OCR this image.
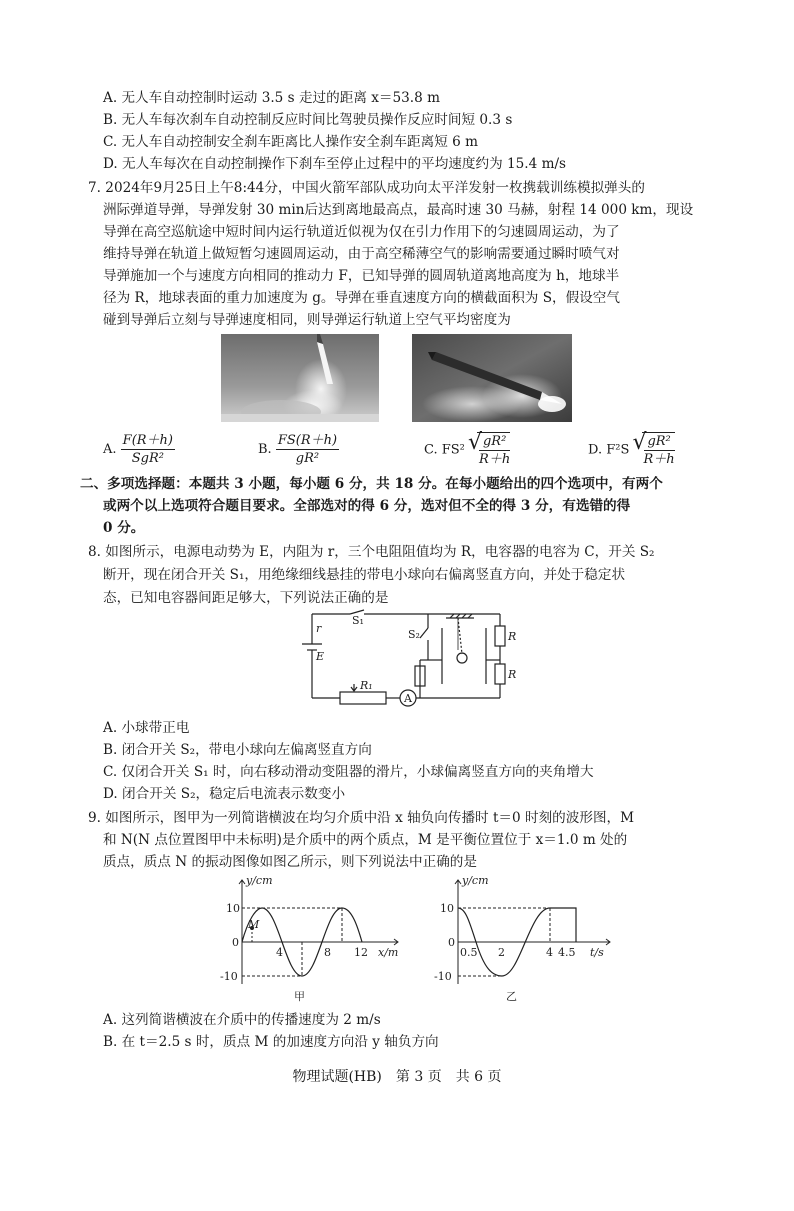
A. 无人车自动控制时运动 3.5 s 走过的距离 x＝53.8 m
B. 无人车每次刹车自动控制反应时间比驾驶员操作反应时间短 0.3 s
C. 无人车自动控制安全刹车距离比人操作安全刹车距离短 6 m
D. 无人车每次在自动控制操作下刹车至停止过程中的平均速度约为 15.4 m/s
7. 2024年9月25日上午8:44分，中国火箭军部队成功向太平洋发射一枚携载训练模拟弹头的
洲际弹道导弹，导弹发射 30 min后达到离地最高点，最高时速 30 马赫，射程 14 000 km，现设
导弹在高空巡航途中短时间内运行轨道近似视为仅在引力作用下的匀速圆周运动，为了
维持导弹在轨道上做短暂匀速圆周运动，由于高空稀薄空气的影响需要通过瞬时喷气对
导弹施加一个与速度方向相同的推动力 F，已知导弹的圆周轨道离地高度为 h，地球半
径为 R，地球表面的重力加速度为 g。导弹在垂直速度方向的横截面积为 S，假设空气
碰到导弹后立刻与导弹速度相同，则导弹运行轨道上空气平均密度为
A. $\frac{F(R+h)}{\text{SgR²}}$	B. $\frac{FS(R+h)}{\text{gR²}}$	C. FS² √ $\frac{\text{gR²}}{R+h}$	D. F²S √ $\frac{\text{gR²}}{R+h}$
二、多项选择题：本题共 3 小题，每小题 6 分，共 18 分。在每小题给出的四个选项中，有两个
或两个以上选项符合题目要求。全部选对的得 6 分，选对但不全的得 3 分，有选错的得
0 分。
8. 如图所示，电源电动势为 E，内阻为 r，三个电阻阻值均为 R，电容器的电容为 C，开关 S₂
断开，现在闭合开关 S₁，用绝缘细线悬挂的带电小球向右偏离竖直方向，并处于稳定状
态，已知电容器间距足够大，下列说法正确的是
r
E
S₁
S₂
R₁
A
R
R
A. 小球带正电
B. 闭合开关 S₂，带电小球向左偏离竖直方向
C. 仅闭合开关 S₁ 时，向右移动滑动变阻器的滑片，小球偏离竖直方向的夹角增大
D. 闭合开关 S₂，稳定后电流表示数变小
9. 如图所示，图甲为一列简谐横波在均匀介质中沿 x 轴负向传播时 t＝0 时刻的波形图，M
和 N(N 点位置图甲中未标明)是介质中的两个质点，M 是平衡位置位于 x＝1.0 m 处的
质点，质点 N 的振动图像如图乙所示，则下列说法中正确的是
y/cm
x/m
10
-10
0
4	8 12
M
甲
y/cm
t/s
10
-10
0
0.5 2	4 4.5
乙
A. 这列简谐横波在介质中的传播速度为 2 m/s
B. 在 t＝2.5 s 时，质点 M 的加速度方向沿 y 轴负方向
物理试题(HB)　第 3 页　共 6 页
